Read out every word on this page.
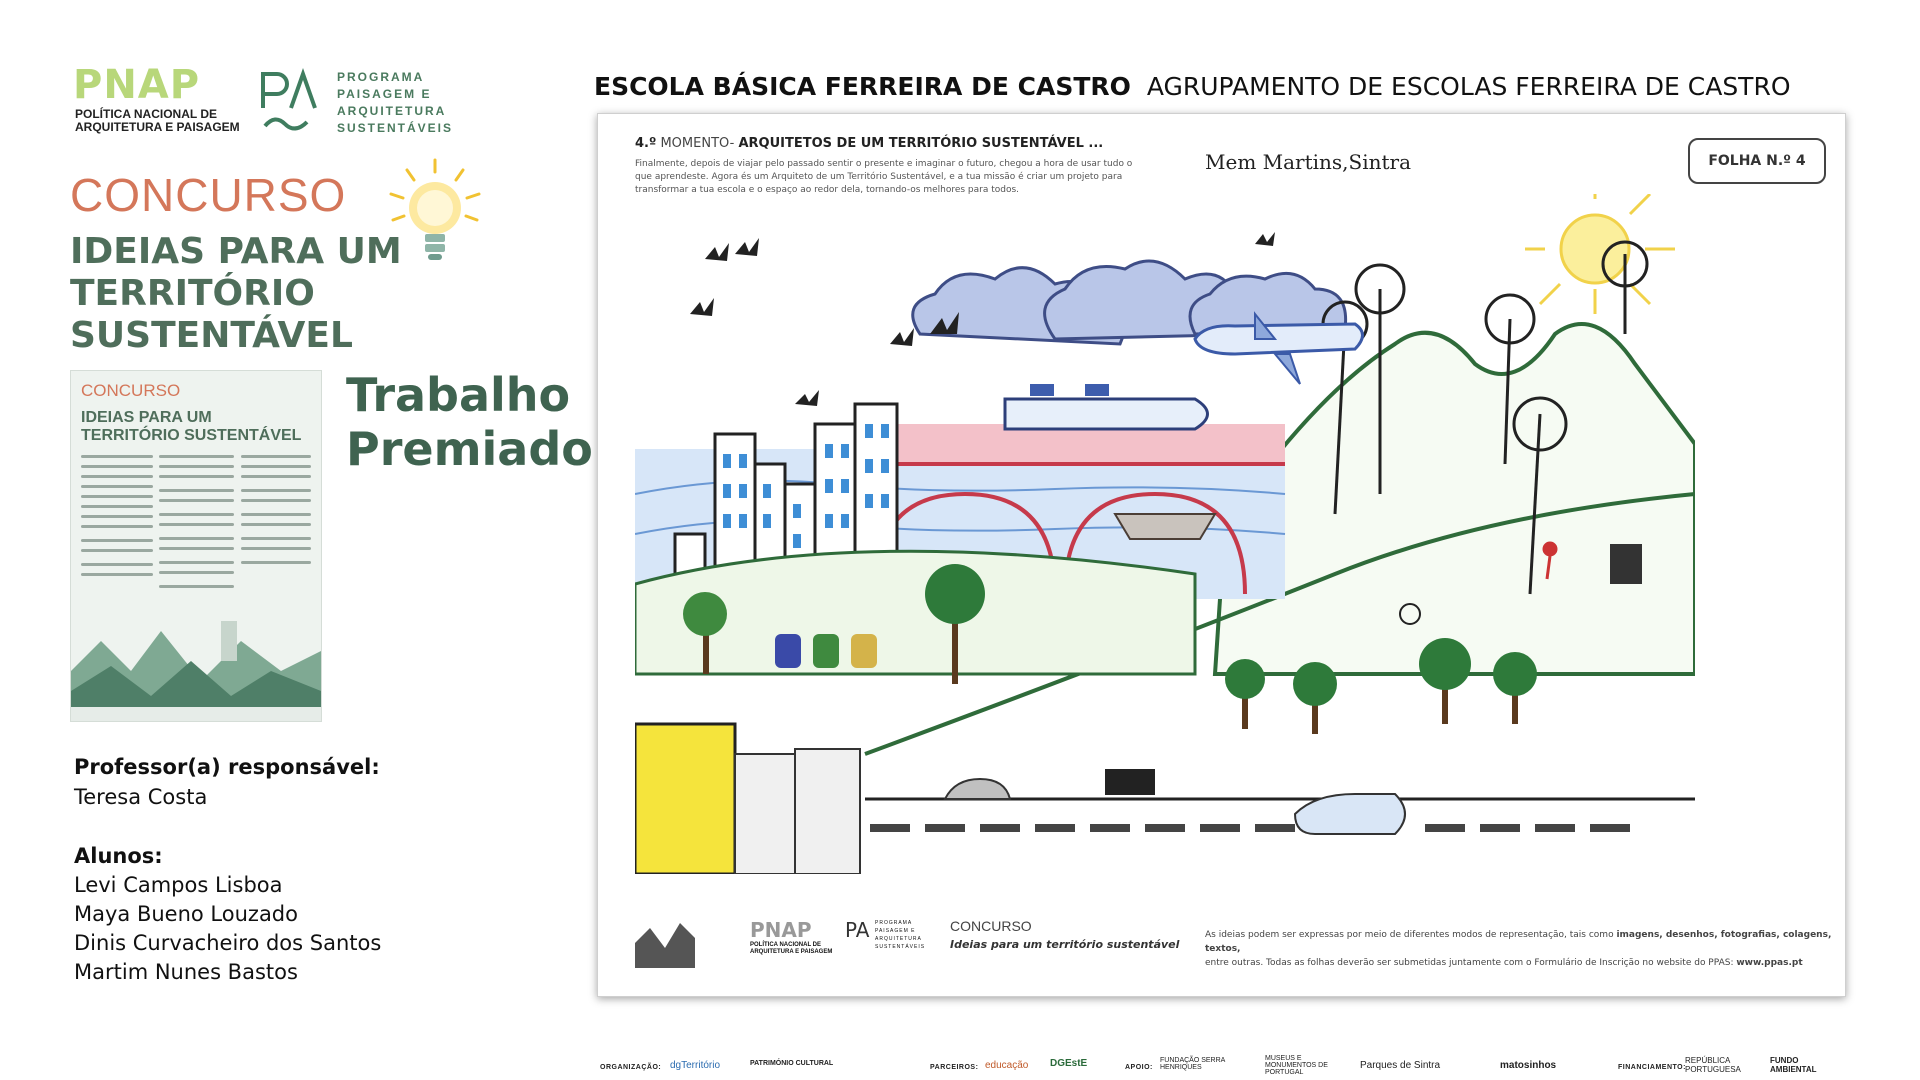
PNAP
POLÍTICA NACIONAL DE
ARQUITETURA E PAISAGEM
PROGRAMA
PAISAGEM E
ARQUITETURA
SUSTENTÁVEIS
CONCURSO
IDEIAS PARA UM
TERRITÓRIO
SUSTENTÁVEL
CONCURSO
IDEIAS PARA UM
TERRITÓRIO SUSTENTÁVEL
Trabalho
Premiado
Professor(a) responsável:
Teresa Costa
Alunos:
Levi Campos Lisboa
Maya Bueno Louzado
Dinis Curvacheiro dos Santos
Martim Nunes Bastos
ESCOLA BÁSICA FERREIRA DE CASTRO AGRUPAMENTO DE ESCOLAS FERREIRA DE CASTRO
4.º MOMENTO- ARQUITETOS DE UM TERRITÓRIO SUSTENTÁVEL ...
Finalmente, depois de viajar pelo passado sentir o presente e imaginar o futuro, chegou a hora de usar tudo o
que aprendeste. Agora és um Arquiteto de um Território Sustentável, e a tua missão é criar um projeto para
transformar a tua escola e o espaço ao redor dela, tornando-os melhores para todos.
Mem Martins,Sintra	FOLHA N.º 4
PNAP
POLÍTICA NACIONAL DE
ARQUITETURA E PAISAGEM
PA PROGRAMA
PAISAGEM E
ARQUITETURA
SUSTENTÁVEIS
CONCURSO
Ideias para um território sustentável
As ideias podem ser expressas por meio de diferentes modos de representação, tais como imagens, desenhos, fotografias, colagens, textos,
entre outras. Todas as folhas deverão ser submetidas juntamente com o Formulário de Inscrição no website do PPAS: www.ppas.pt
ORGANIZAÇÃO: dgTerritório	PATRIMÓNIO CULTURAL
PARCEIROS: educação DGEstE	APOIO:
FUNDAÇÃO SERRA HENRIQUES
MUSEUS E MONUMENTOS DE PORTUGAL
Parques de Sintra	matosinhos	FINANCIAMENTO:
REPÚBLICA PORTUGUESA
FUNDO AMBIENTAL
